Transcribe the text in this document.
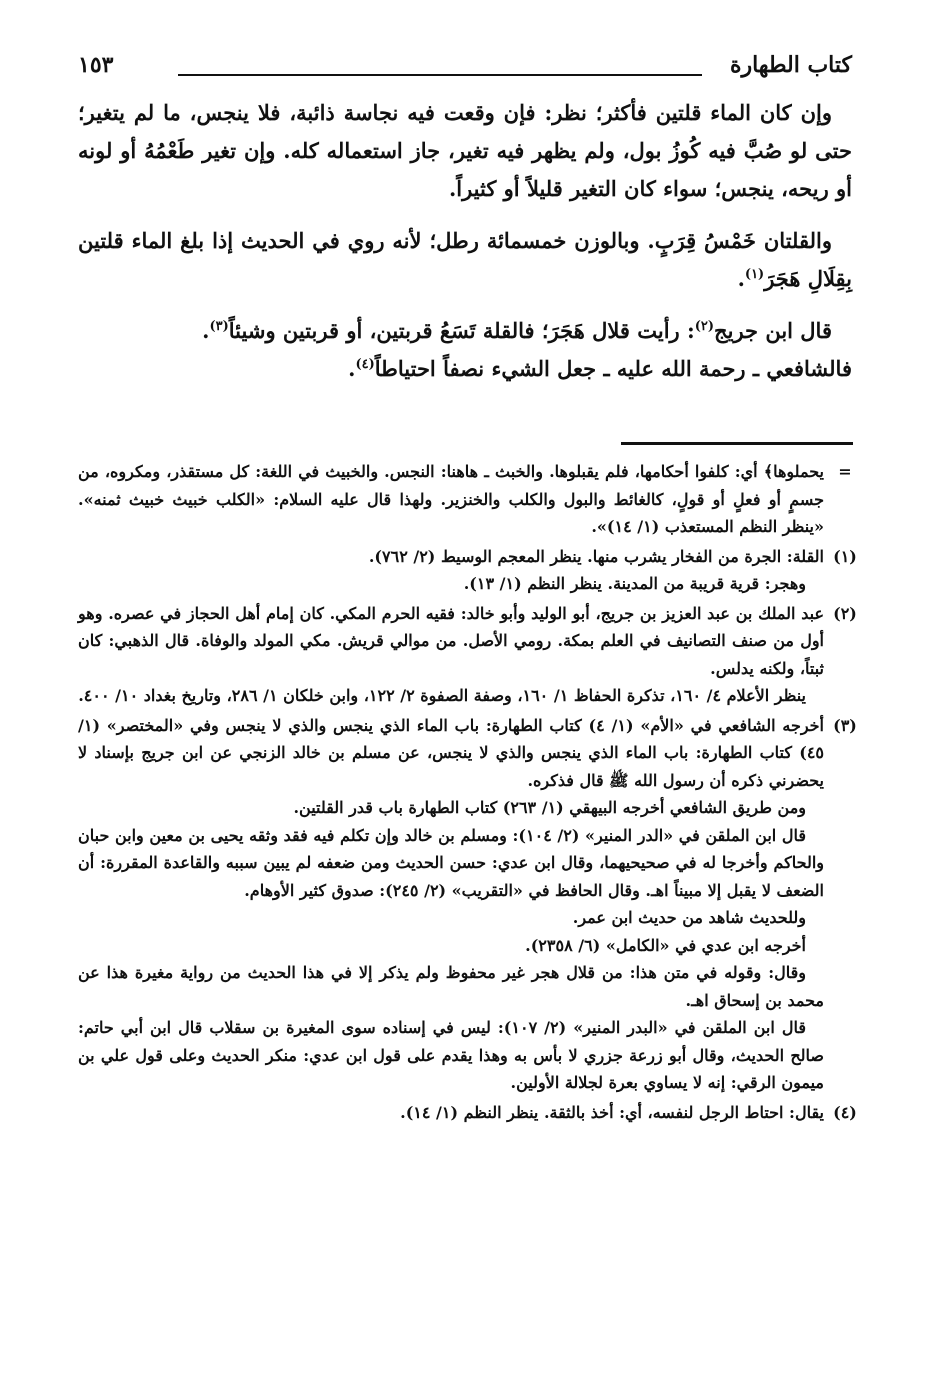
كتاب الطهارة
١٥٣

وإن كان الماء قلتين فأكثر؛ نظر: فإن وقعت فيه نجاسة ذائبة، فلا ينجس، ما لم يتغير؛ حتى لو صُبَّ فيه كُوزُ بول، ولم يظهر فيه تغير، جاز استعماله كله. وإن تغير طَعْمُهُ أو لونه أو ريحه، ينجس؛ سواء كان التغير قليلاً أو كثيراً.

والقلتان خَمْسُ قِرَبٍ. وبالوزن خمسمائة رطل؛ لأنه روي في الحديث إذا بلغ الماء قلتين بِقِلَالِ هَجَرَ$^{(١)}$.

قال ابن جريج$^{(٢)}$: رأيت قلال هَجَرَ؛ فالقلة تَسَعُ قربتين، أو قربتين وشيئاً$^{(٣)}$.
فالشافعي ـ رحمة الله عليه ـ جعل الشيء نصفاً احتياطاً$^{(٤)}$.

=
يحملوها﴾ أي: كلفوا أحكامها، فلم يقبلوها. والخبث ـ هاهنا: النجس. والخبيث في اللغة: كل مستقذر، ومكروه، من جسمٍ أو فعلٍ أو قولٍ، كالغائط والبول والكلب والخنزير. ولهذا قال عليه السلام: «الكلب خبيث خبيث ثمنه». «ينظر النظم المستعذب (١/ ١٤)».
(١)
القلة: الجرة من الفخار يشرب منها. ينظر المعجم الوسيط (٢/ ٧٦٢).
وهجر: قرية قريبة من المدينة. ينظر النظم (١/ ١٣).
(٢)
عبد الملك بن عبد العزيز بن جريج، أبو الوليد وأبو خالد: فقيه الحرم المكي. كان إمام أهل الحجاز في عصره. وهو أول من صنف التصانيف في العلم بمكة. رومي الأصل. من موالي قريش. مكي المولد والوفاة. قال الذهبي: كان ثبتاً، ولكنه يدلس.
ينظر الأعلام ٤/ ١٦٠، تذكرة الحفاظ ١/ ١٦٠، وصفة الصفوة ٢/ ١٢٢، وابن خلكان ١/ ٢٨٦، وتاريخ بغداد ١٠/ ٤٠٠.
(٣)
أخرجه الشافعي في «الأم» (١/ ٤) كتاب الطهارة: باب الماء الذي ينجس والذي لا ينجس وفي «المختصر» (١/ ٤٥) كتاب الطهارة: باب الماء الذي ينجس والذي لا ينجس، عن مسلم بن خالد الزنجي عن ابن جريج بإسناد لا يحضرني ذكره أن رسول الله ﷺ قال فذكره.
ومن طريق الشافعي أخرجه البيهقي (١/ ٢٦٣) كتاب الطهارة باب قدر القلتين.
قال ابن الملقن في «الدر المنير» (٢/ ١٠٤): ومسلم بن خالد وإن تكلم فيه فقد وثقه يحيى بن معين وابن حبان والحاكم وأخرجا له في صحيحيهما، وقال ابن عدي: حسن الحديث ومن ضعفه لم يبين سببه والقاعدة المقررة: أن الضعف لا يقبل إلا مبيناً اهـ. وقال الحافظ في «التقريب» (٢/ ٢٤٥): صدوق كثير الأوهام.
وللحديث شاهد من حديث ابن عمر.
أخرجه ابن عدي في «الكامل» (٦/ ٢٣٥٨).
وقال: وقوله في متن هذا: من قلال هجر غير محفوظ ولم يذكر إلا في هذا الحديث من رواية مغيرة هذا عن محمد بن إسحاق اهـ.
قال ابن الملقن في «البدر المنير» (٢/ ١٠٧): ليس في إسناده سوى المغيرة بن سقلاب قال ابن أبي حاتم: صالح الحديث، وقال أبو زرعة جزري لا بأس به وهذا يقدم على قول ابن عدي: منكر الحديث وعلى قول علي بن ميمون الرقي: إنه لا يساوي بعرة لجلالة الأولين.
(٤)
يقال: احتاط الرجل لنفسه، أي: أخذ بالثقة. ينظر النظم (١/ ١٤).
